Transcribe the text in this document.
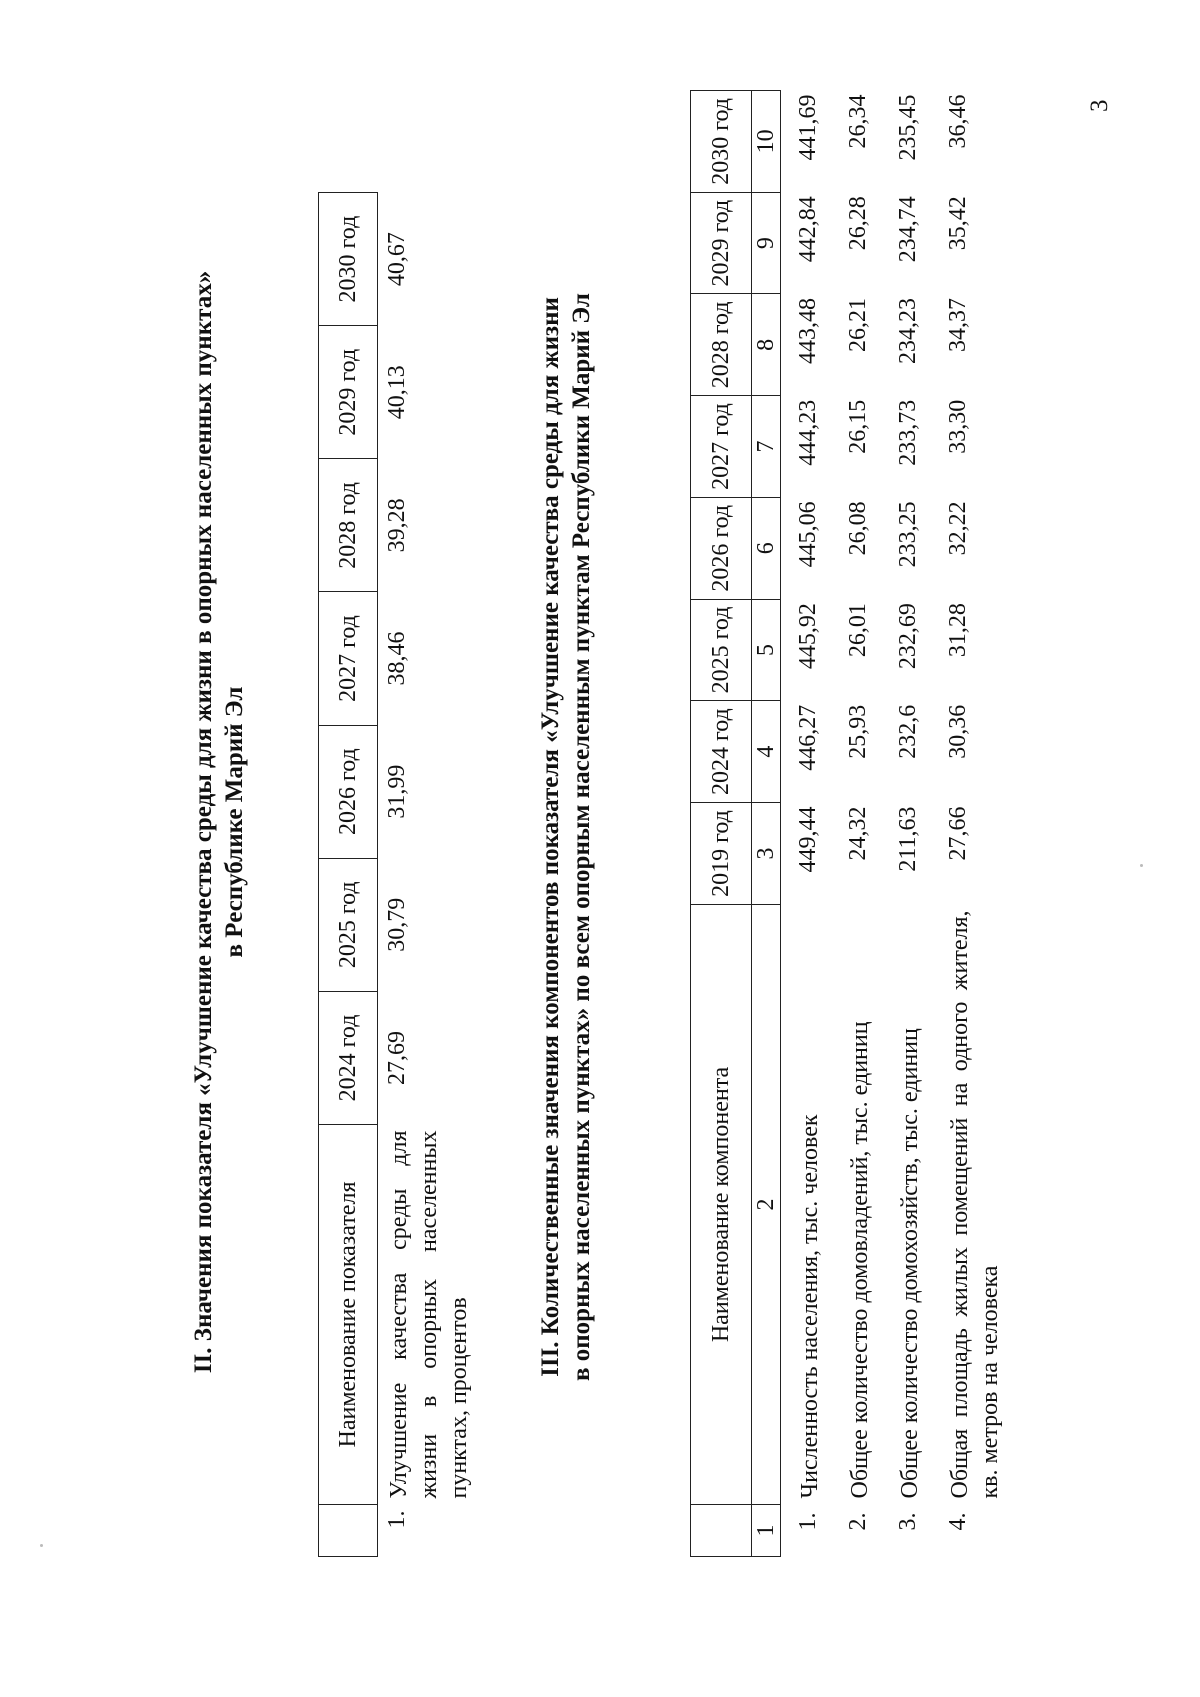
3
II. Значения показателя «Улучшение качества среды для жизни в опорных населенных пунктах» в Республике Марий Эл
	Наименование показателя	2024 год	2025 год	2026 год	2027 год	2028 год	2029 год	2030 год
1.	Улучшение качества среды для жизни в опорных населенных пунктах, процентов	27,69	30,79	31,99	38,46	39,28	40,13	40,67
III. Количественные значения компонентов показателя «Улучшение качества среды для жизни в опорных населенных пунктах» по всем опорным населенным пунктам Республики Марий Эл
		Наименование компонента	2019 год	2024 год	2025 год	2026 год	2027 год	2028 год	2029 год	2030 год
1	2	3	4	5	6	7	8	9	10
1.	Численность населения, тыс. человек	449,44	446,27	445,92	445,06	444,23	443,48	442,84	441,69
2.	Общее количество домовладений, тыс. единиц	24,32	25,93	26,01	26,08	26,15	26,21	26,28	26,34
3.	Общее количество домохозяйств, тыс. единиц	211,63	232,6	232,69	233,25	233,73	234,23	234,74	235,45
4.	Общая площадь жилых помещений на одного жителя, кв. метров на человека	27,66	30,36	31,28	32,22	33,30	34,37	35,42	36,46
